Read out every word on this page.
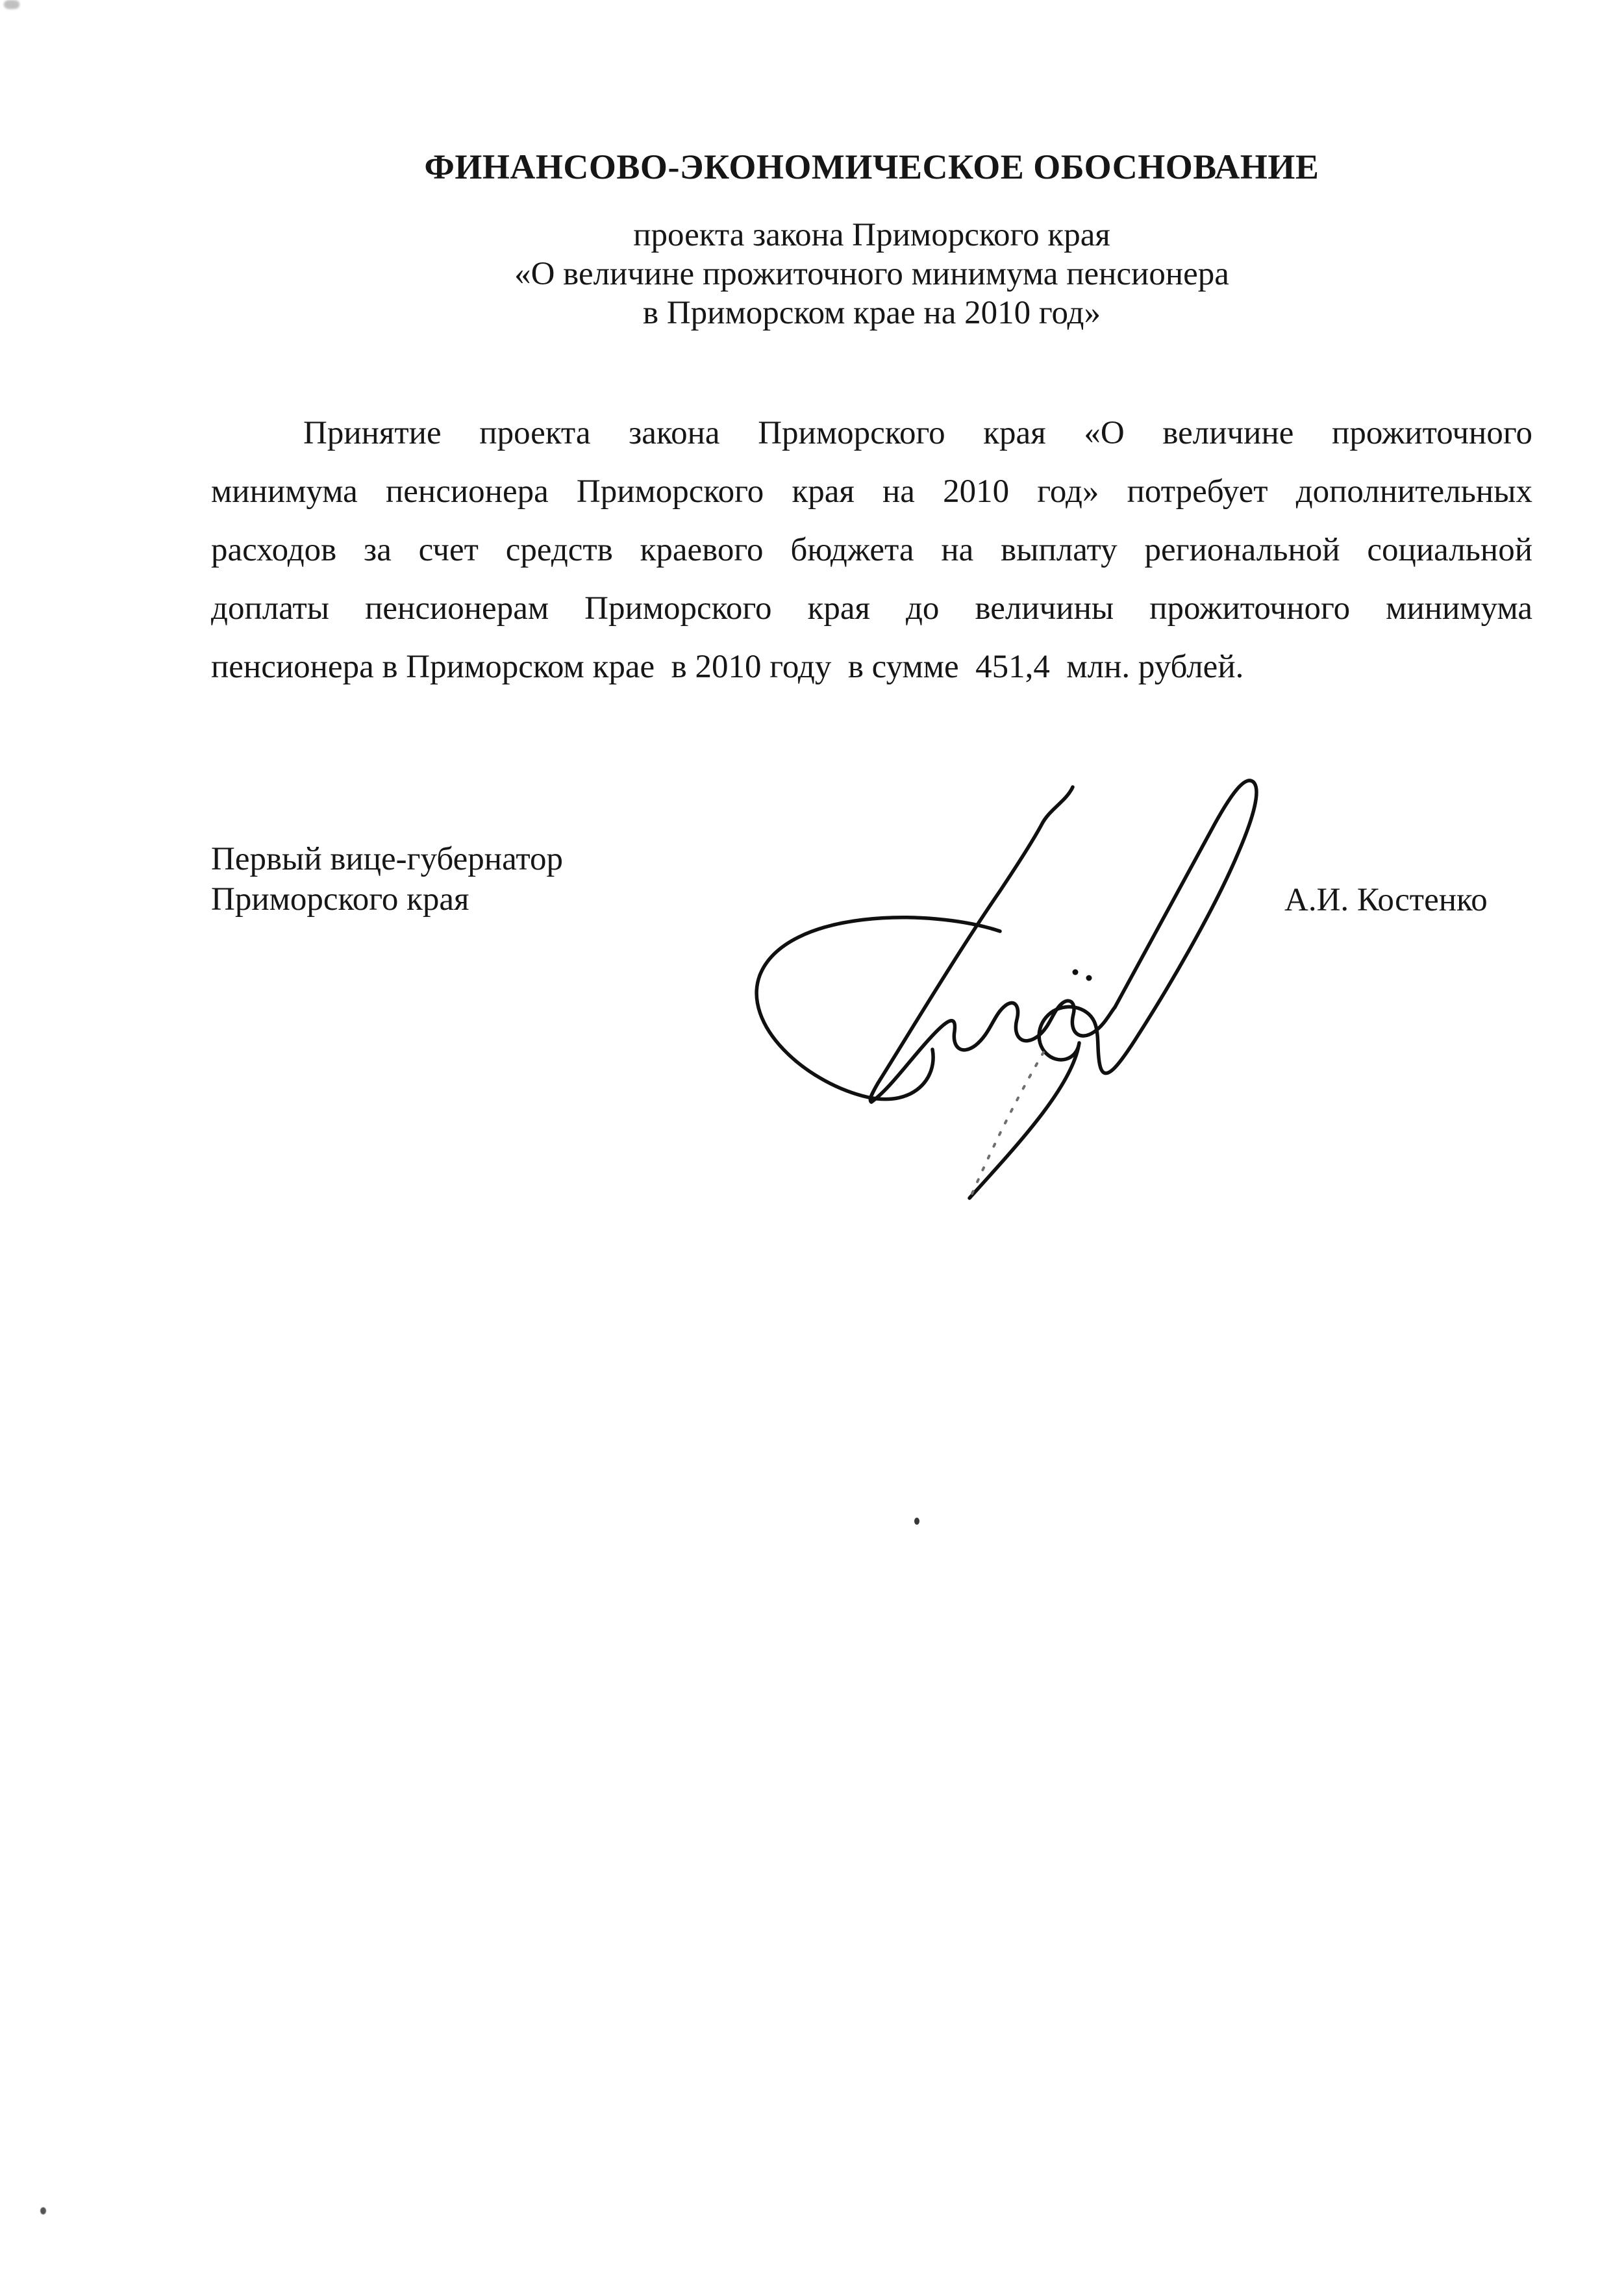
ФИНАНСОВО-ЭКОНОМИЧЕСКОЕ ОБОСНОВАНИЕ
проекта закона Приморского края
«О величине прожиточного минимума пенсионера
в Приморском крае на 2010 год»
Принятие проекта закона Приморского края «О величине прожиточного
минимума пенсионера Приморского края на 2010 год» потребует дополнительных
расходов за счет средств краевого бюджета на выплату региональной социальной
доплаты пенсионерам Приморского края до величины прожиточного минимума
пенсионера в Приморском крае  в 2010 году  в сумме  451,4  млн. рублей.
Первый вице-губернатор
Приморского края	А.И. Костенко
